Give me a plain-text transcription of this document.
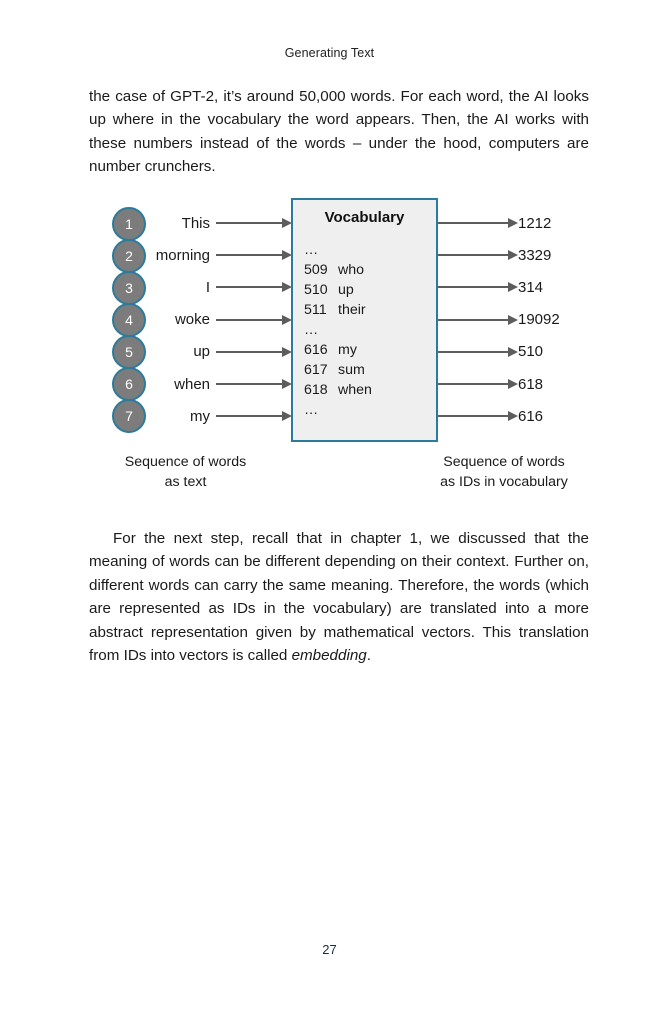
Generating Text

the case of GPT-2, it’s around 50,000 words. For each word, the AI looks up where in the vocabulary the word appears. Then, the AI works with these numbers instead of the words – under the hood, computers are number crunchers.

1
2
3
4
5
6
7
This
morning
I
woke
up
when
my
Vocabulary
…
509 who
510 up
511 their
…
616 my
617 sum
618 when
…
1212
3329
314
19092
510
618
616
Sequence of words
as text
Sequence of words
as IDs in vocabulary

For the next step, recall that in chapter 1, we discussed that the meaning of words can be different depending on their context. Further on, different words can carry the same meaning. Therefore, the words (which are represented as IDs in the vocabulary) are translated into a more abstract representation given by mathematical vectors. This translation from IDs into vectors is called embedding.

27
